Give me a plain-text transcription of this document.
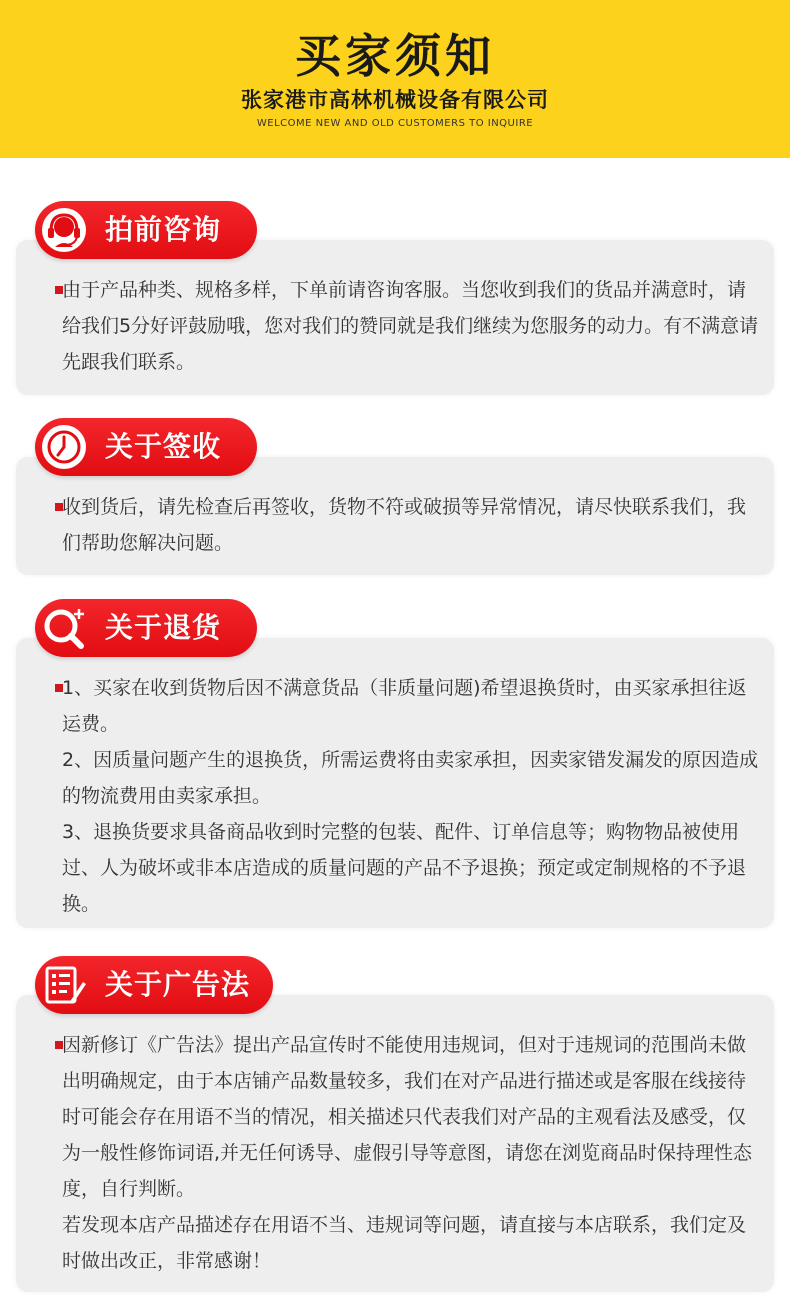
买家须知
张家港市高林机械设备有限公司
WELCOME NEW AND OLD CUSTOMERS TO INQUIRE
由于产品种类、规格多样，下单前请咨询客服。当您收到我们的货品并满意时，请给我们5分好评鼓励哦，您对我们的赞同就是我们继续为您服务的动力。有不满意请先跟我们联系。
拍前咨询
收到货后，请先检查后再签收，货物不符或破损等异常情况，请尽快联系我们，我们帮助您解决问题。
关于签收
1、买家在收到货物后因不满意货品（非质量问题)希望退换货时，由买家承担往返运费。
2、因质量问题产生的退换货，所需运费将由卖家承担，因卖家错发漏发的原因造成的物流费用由卖家承担。
3、退换货要求具备商品收到时完整的包装、配件、订单信息等；购物物品被使用过、人为破坏或非本店造成的质量问题的产品不予退换；预定或定制规格的不予退换。
关于退货
因新修订《广告法》提出产品宣传时不能使用违规词，但对于违规词的范围尚未做出明确规定，由于本店铺产品数量较多，我们在对产品进行描述或是客服在线接待时可能会存在用语不当的情况，相关描述只代表我们对产品的主观看法及感受，仅为一般性修饰词语,并无任何诱导、虚假引导等意图，请您在浏览商品时保持理性态度，自行判断。
若发现本店产品描述存在用语不当、违规词等问题，请直接与本店联系，我们定及时做出改正，非常感谢！
关于广告法
